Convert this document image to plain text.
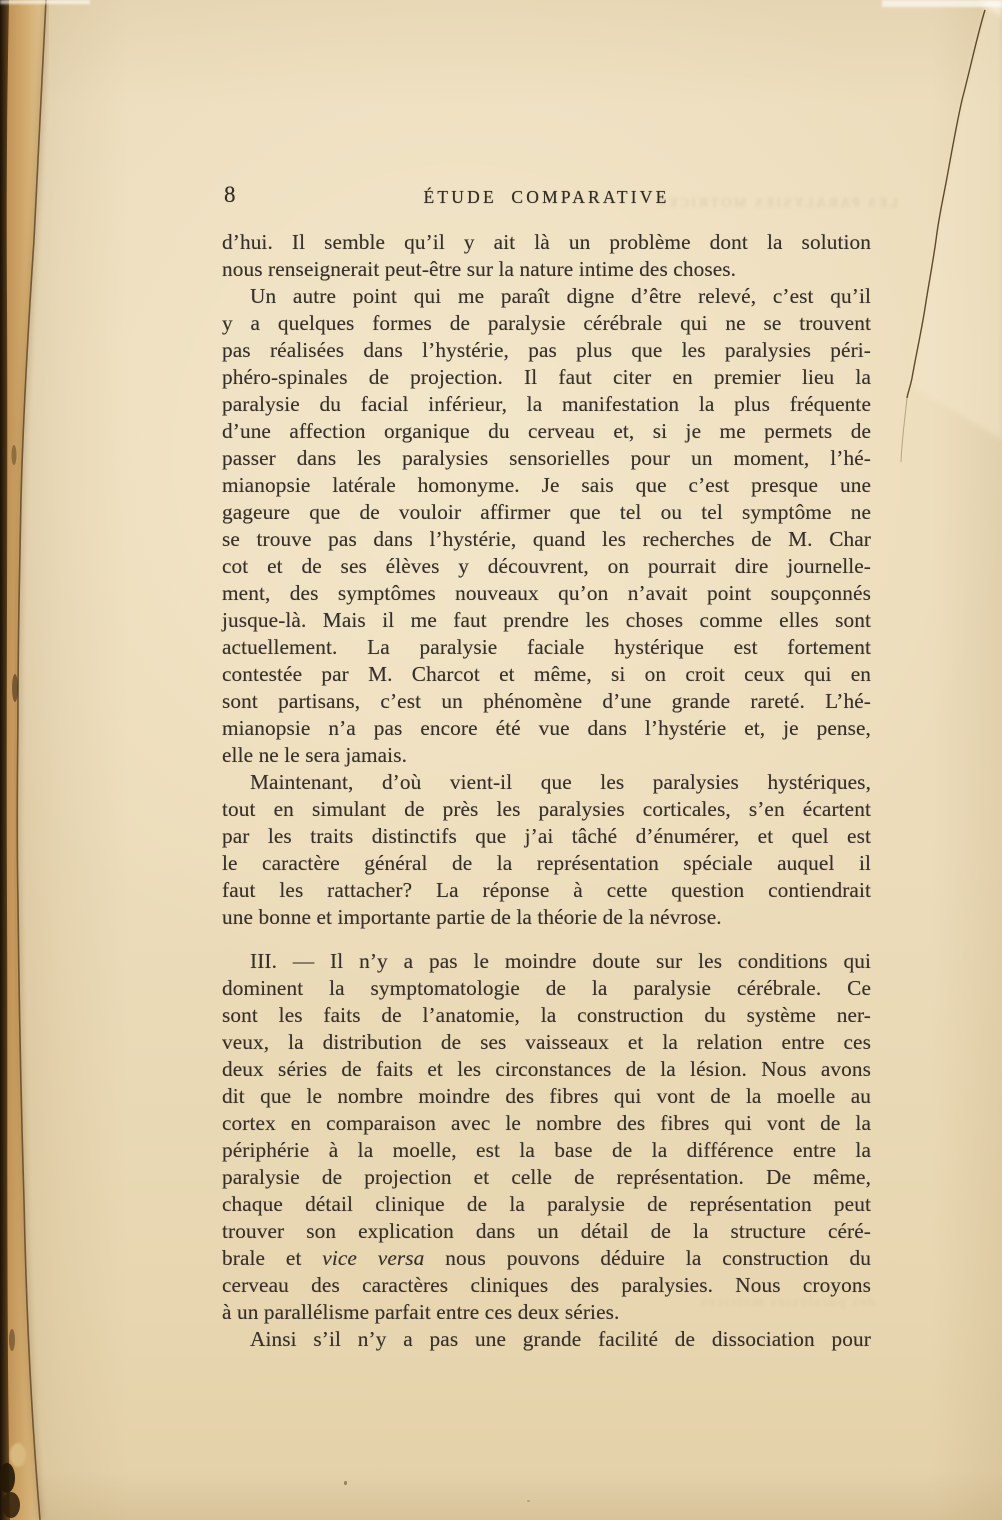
LES PARALYSIES MOTRICES
des paralysies motrices
8	ÉTUDE COMPARATIVE
d’hui. Il semble qu’il y ait là un problème dont la solution
nous renseignerait peut-être sur la nature intime des choses.
Un autre point qui me paraît digne d’être relevé, c’est qu’il
y a quelques formes de paralysie cérébrale qui ne se trouvent
pas réalisées dans l’hystérie, pas plus que les paralysies péri-
phéro-spinales de projection. Il faut citer en premier lieu la
paralysie du facial inférieur, la manifestation la plus fréquente
d’une affection organique du cerveau et, si je me permets de
passer dans les paralysies sensorielles pour un moment, l’hé-
mianopsie latérale homonyme. Je sais que c’est presque une
gageure que de vouloir affirmer que tel ou tel symptôme ne
se trouve pas dans l’hystérie, quand les recherches de M. Char
cot et de ses élèves y découvrent, on pourrait dire journelle-
ment, des symptômes nouveaux qu’on n’avait point soupçonnés
jusque-là. Mais il me faut prendre les choses comme elles sont
actuellement. La paralysie faciale hystérique est fortement
contestée par M. Charcot et même, si on croit ceux qui en
sont partisans, c’est un phénomène d’une grande rareté. L’hé-
mianopsie n’a pas encore été vue dans l’hystérie et, je pense,
elle ne le sera jamais.
Maintenant, d’où vient-il que les paralysies hystériques,
tout en simulant de près les paralysies corticales, s’en écartent
par les traits distinctifs que j’ai tâché d’énumérer, et quel est
le caractère général de la représentation spéciale auquel il
faut les rattacher? La réponse à cette question contiendrait
une bonne et importante partie de la théorie de la névrose.
III. — Il n’y a pas le moindre doute sur les conditions qui
dominent la symptomatologie de la paralysie cérébrale. Ce
sont les faits de l’anatomie, la construction du système ner-
veux, la distribution de ses vaisseaux et la relation entre ces
deux séries de faits et les circonstances de la lésion. Nous avons
dit que le nombre moindre des fibres qui vont de la moelle au
cortex en comparaison avec le nombre des fibres qui vont de la
périphérie à la moelle, est la base de la différence entre la
paralysie de projection et celle de représentation. De même,
chaque détail clinique de la paralysie de représentation peut
trouver son explication dans un détail de la structure céré-
brale et vice versa nous pouvons déduire la construction du
cerveau des caractères cliniques des paralysies. Nous croyons
à un parallélisme parfait entre ces deux séries.
Ainsi s’il n’y a pas une grande facilité de dissociation pour
